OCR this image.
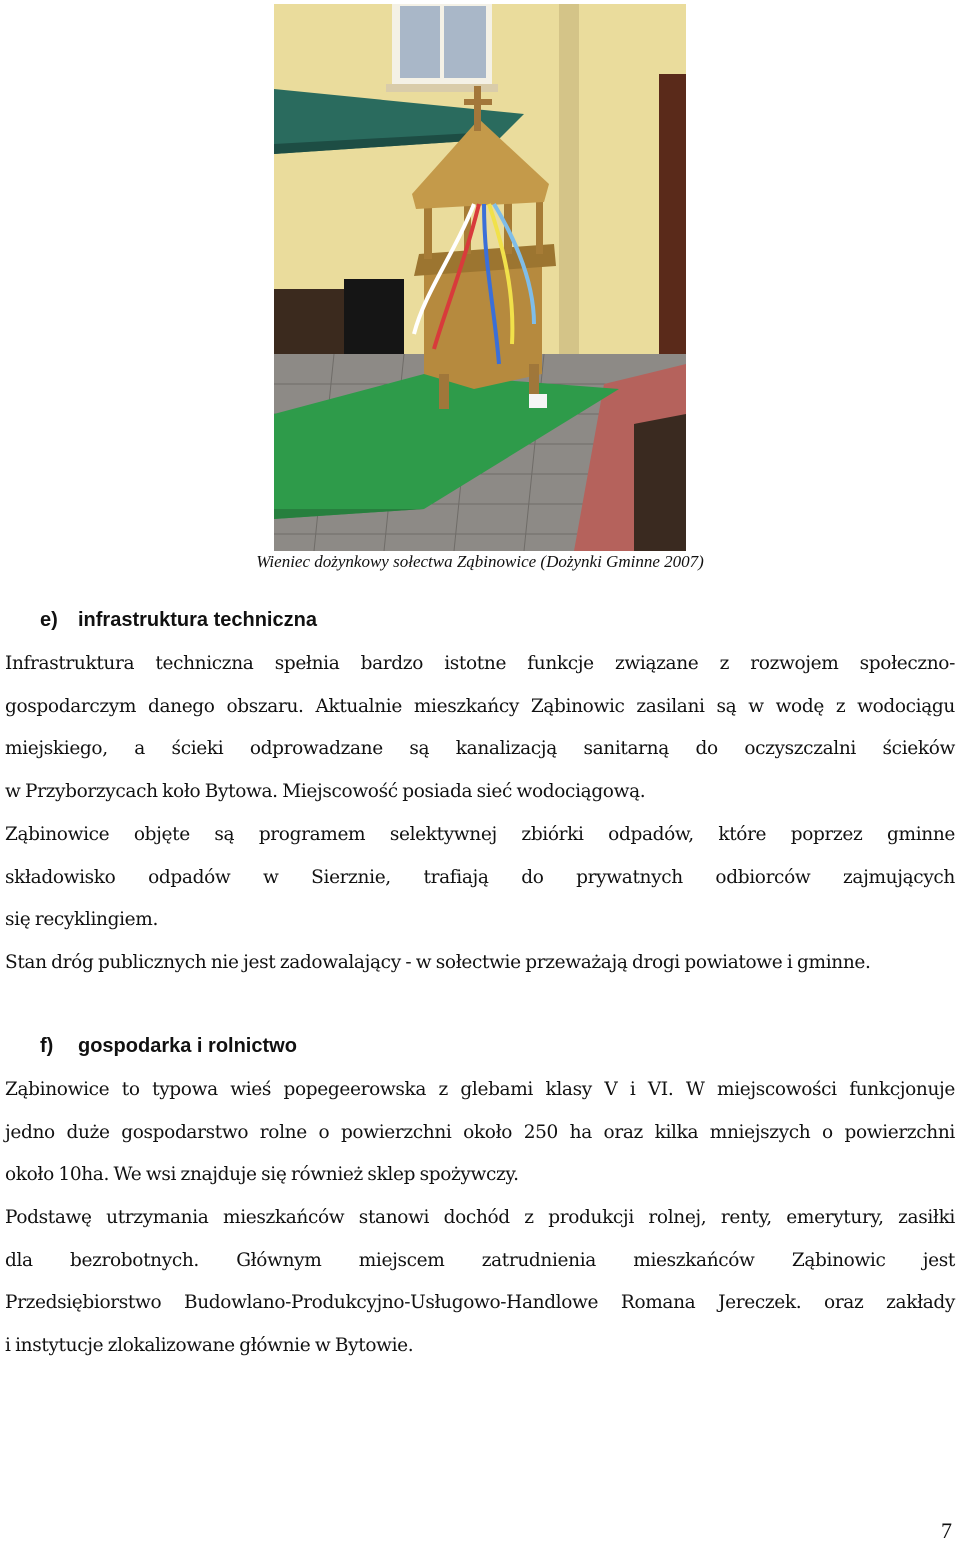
Wieniec dożynkowy sołectwa Ząbinowice (Dożynki Gminne 2007)
e) infrastruktura techniczna
Infrastruktura techniczna spełnia bardzo istotne funkcje związane z rozwojem społeczno-
gospodarczym danego obszaru. Aktualnie mieszkańcy Ząbinowic zasilani są w wodę z wodociągu
miejskiego, a ścieki odprowadzane są kanalizacją sanitarną do oczyszczalni ścieków
w Przyborzycach koło Bytowa. Miejscowość posiada sieć wodociągową.
Ząbinowice objęte są programem selektywnej zbiórki odpadów, które poprzez gminne
składowisko odpadów w Sierznie, trafiają do prywatnych odbiorców zajmujących
się recyklingiem.
Stan dróg publicznych nie jest zadowalający - w sołectwie przeważają drogi powiatowe i gminne.
f) gospodarka i rolnictwo
Ząbinowice to typowa wieś popegeerowska z glebami klasy V i VI. W miejscowości funkcjonuje
jedno duże gospodarstwo rolne o powierzchni około 250 ha oraz kilka mniejszych o powierzchni
około 10ha. We wsi znajduje się również sklep spożywczy.
Podstawę utrzymania mieszkańców stanowi dochód z produkcji rolnej, renty, emerytury, zasiłki
dla bezrobotnych. Głównym miejscem zatrudnienia mieszkańców Ząbinowic jest
Przedsiębiorstwo Budowlano-Produkcyjno-Usługowo-Handlowe Romana Jereczek. oraz zakłady
i instytucje zlokalizowane głównie w Bytowie.
7
